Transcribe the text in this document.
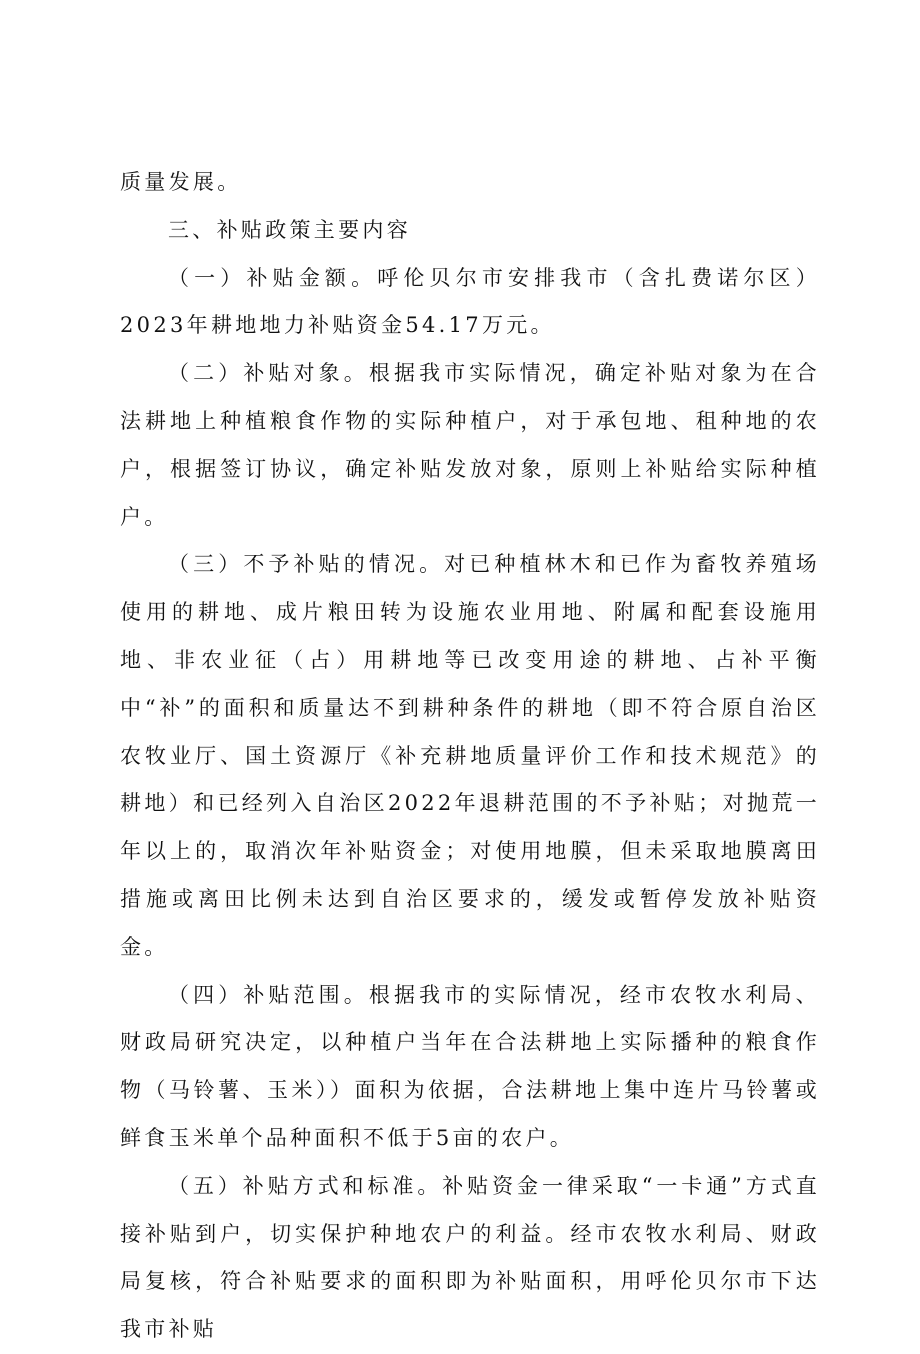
质量发展。

三、补贴政策主要内容

（一）补贴金额。呼伦贝尔市安排我市（含扎费诺尔区）2023年耕地地力补贴资金54.17万元。

（二）补贴对象。根据我市实际情况，确定补贴对象为在合法耕地上种植粮食作物的实际种植户，对于承包地、租种地的农户，根据签订协议，确定补贴发放对象，原则上补贴给实际种植户。

（三）不予补贴的情况。对已种植林木和已作为畜牧养殖场使用的耕地、成片粮田转为设施农业用地、附属和配套设施用地、非农业征（占）用耕地等已改变用途的耕地、占补平衡中“补”的面积和质量达不到耕种条件的耕地（即不符合原自治区农牧业厅、国土资源厅《补充耕地质量评价工作和技术规范》的耕地）和已经列入自治区2022年退耕范围的不予补贴；对抛荒一年以上的，取消次年补贴资金；对使用地膜，但未采取地膜离田措施或离田比例未达到自治区要求的，缓发或暂停发放补贴资金。

（四）补贴范围。根据我市的实际情况，经市农牧水利局、财政局研究决定，以种植户当年在合法耕地上实际播种的粮食作物（马铃薯、玉米））面积为依据，合法耕地上集中连片马铃薯或鲜食玉米单个品种面积不低于5亩的农户。

（五）补贴方式和标准。补贴资金一律采取“一卡通”方式直接补贴到户，切实保护种地农户的利益。经市农牧水利局、财政局复核，符合补贴要求的面积即为补贴面积，用呼伦贝尔市下达我市补贴
